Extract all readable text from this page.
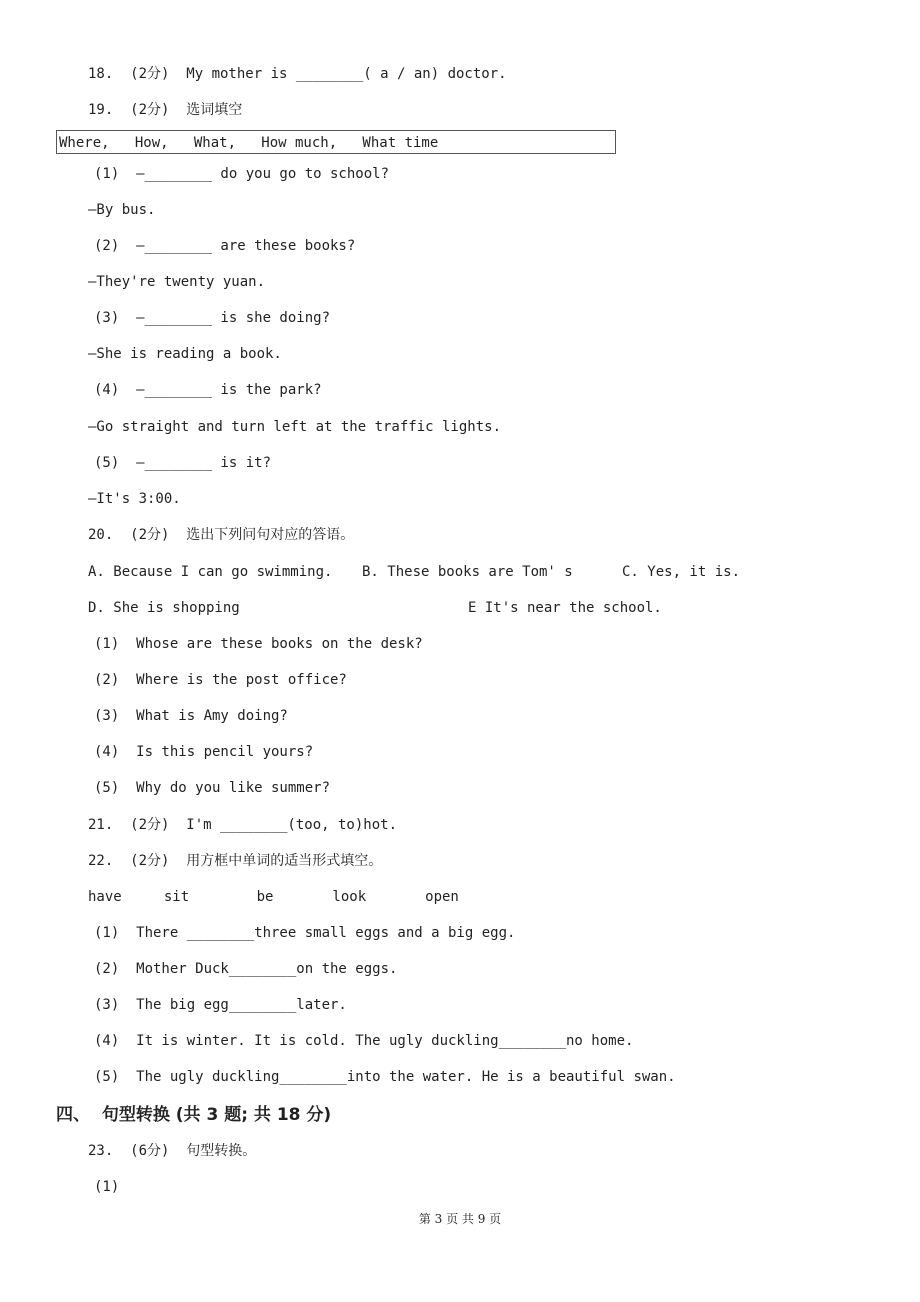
18.  (2分)  My mother is ________( a / an) doctor.
19.  (2分)  选词填空
Where,   How,   What,   How much,   What time
(1)  —________ do you go to school?
—By bus.
(2)  —________ are these books?
—They're twenty yuan.
(3)  —________ is she doing?
—She is reading a book.
(4)  —________ is the park?
—Go straight and turn left at the traffic lights.
(5)  —________ is it?
—It's 3:00.
20.  (2分)  选出下列问句对应的答语。
A. Because I can go swimming. B. These books are Tom' s	C. Yes, it is.
D. She is shopping	E It's near the school.
(1)  Whose are these books on the desk?
(2)  Where is the post office?
(3)  What is Amy doing?
(4)  Is this pencil yours?
(5)  Why do you like summer?
21.  (2分)  I'm ________(too, to)hot.
22.  (2分)  用方框中单词的适当形式填空。
have     sit        be       look       open
(1)  There ________three small eggs and a big egg.
(2)  Mother Duck________on the eggs.
(3)  The big egg________later.
(4)  It is winter. It is cold. The ugly duckling________no home.
(5)  The ugly duckling________into the water. He is a beautiful swan.
四、  句型转换 (共 3 题; 共 18 分)
23.  (6分)  句型转换。
(1)
第 3 页 共 9 页
